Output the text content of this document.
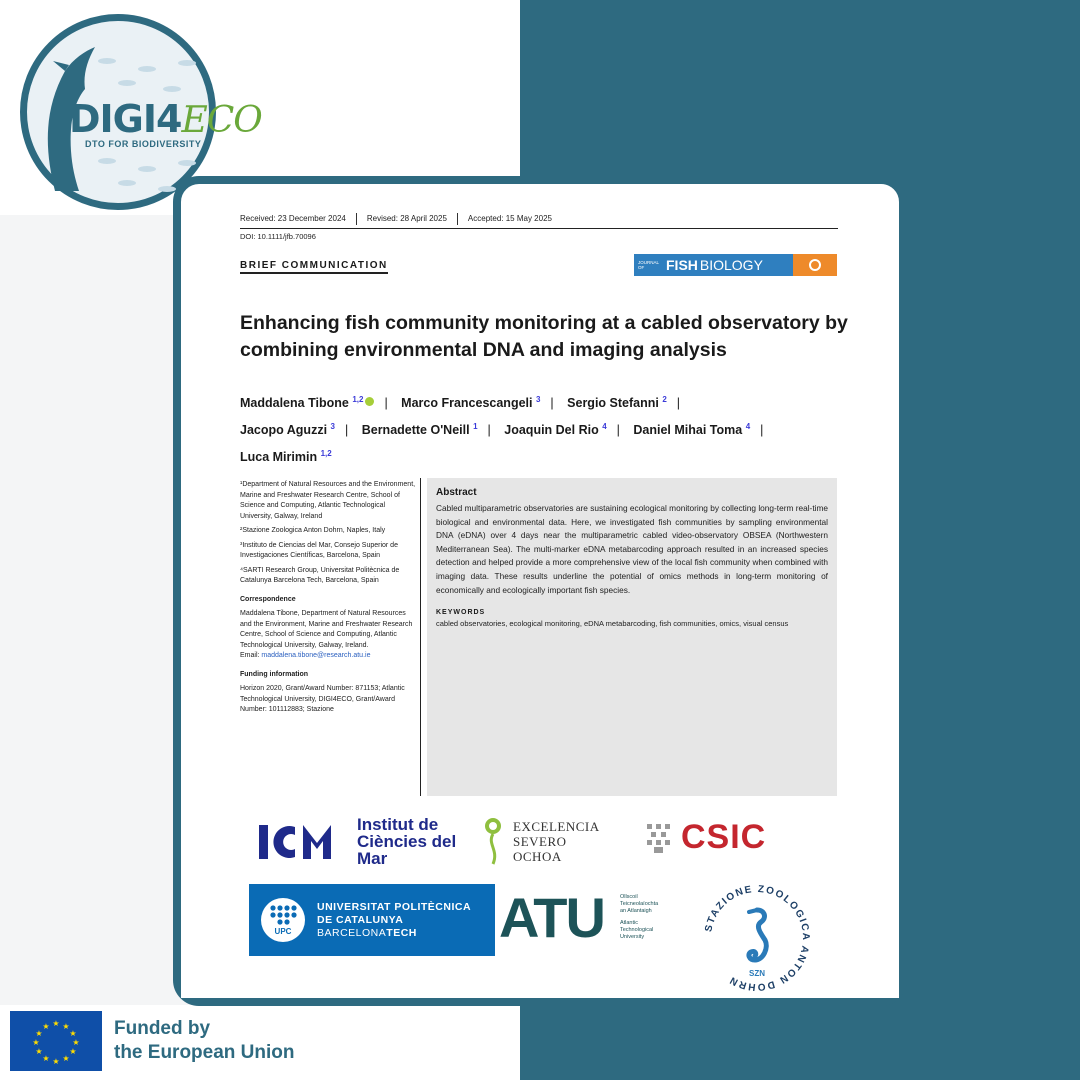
DIGI4ECO
DTO FOR BIODIVERSITY
Received: 23 December 2024	Revised: 28 April 2025	Accepted: 15 May 2025
DOI: 10.1111/jfb.70096
BRIEF COMMUNICATION	JOURNAL OF	FISH BIOLOGY
Enhancing fish community monitoring at a cabled observatory by combining environmental DNA and imaging analysis
Maddalena Tibone $^{1,2}$ | Marco Francescangeli $^3$ | Sergio Stefanni $^2$ |
Jacopo Aguzzi $^3$ | Bernadette O'Neill $^1$ | Joaquin Del Rio $^4$ | Daniel Mihai Toma $^4$ |
Luca Mirimin $^{1,2}$

¹Department of Natural Resources and the Environment, Marine and Freshwater Research Centre, School of Science and Computing, Atlantic Technological University, Galway, Ireland

²Stazione Zoologica Anton Dohrn, Naples, Italy

³Instituto de Ciencias del Mar, Consejo Superior de Investigaciones Científicas, Barcelona, Spain

⁴SARTI Research Group, Universitat Politècnica de Catalunya Barcelona Tech, Barcelona, Spain

Correspondence

Maddalena Tibone, Department of Natural Resources and the Environment, Marine and Freshwater Research Centre, School of Science and Computing, Atlantic Technological University, Galway, Ireland.
Email: maddalena.tibone@research.atu.ie

Funding information

Horizon 2020, Grant/Award Number: 871153; Atlantic Technological University, DIGI4ECO, Grant/Award Number: 101112883; Stazione

Abstract
Cabled multiparametric observatories are sustaining ecological monitoring by collecting long-term real-time biological and environmental data. Here, we investigated fish communities by sampling environmental DNA (eDNA) over 4 days near the multiparametric cabled video-observatory OBSEA (Northwestern Mediterranean Sea). The multi-marker eDNA metabarcoding approach resulted in an increased species detection and helped provide a more comprehensive view of the local fish community when combined with imaging data. These results underline the potential of omics methods in long-term monitoring of economically and ecologically important fish species.
KEYWORDS
cabled observatories, ecological monitoring, eDNA metabarcoding, fish communities, omics, visual census
ICM
Institut de Ciències del Mar
EXCELENCIA
SEVERO
OCHOA	CSIC
UPC
UNIVERSITAT POLITÈCNICA
DE CATALUNYA
BARCELONATECH	ATU	Ollscoil
Teicneolaíochta
an Atlantaigh
Atlantic
Technological
University
STAZIONE ZOOLOGICA ANTON DOHRN
SZN
★ ★
★
★
★
★
★
★
★
★
★
★	Funded by
the European Union
